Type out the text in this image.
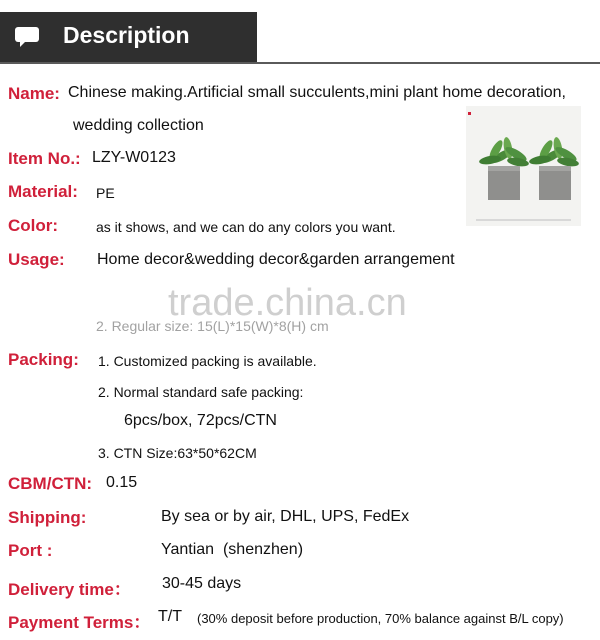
Description
Name: Chinese making.Artificial small succulents,mini plant home decoration,
wedding collection
Item No.: LZY-W0123
Material: PE
Color:	as it shows, and we can do any colors you want.
Usage: Home decor&wedding decor&garden arrangement
2. Regular size: 15(L)*15(W)*8(H) cm
trade.china.cn
Packing: 1. Customized packing is available.
2. Normal standard safe packing:
6pcs/box, 72pcs/CTN
3. CTN Size:63*50*62CM
CBM/CTN: 0.15
Shipping:	By sea or by air, DHL, UPS, FedEx
Port :	Yantian  (shenzhen)
Delivery time： 30-45 days
Payment Terms： T/T (30% deposit before production, 70% balance against B/L copy)
